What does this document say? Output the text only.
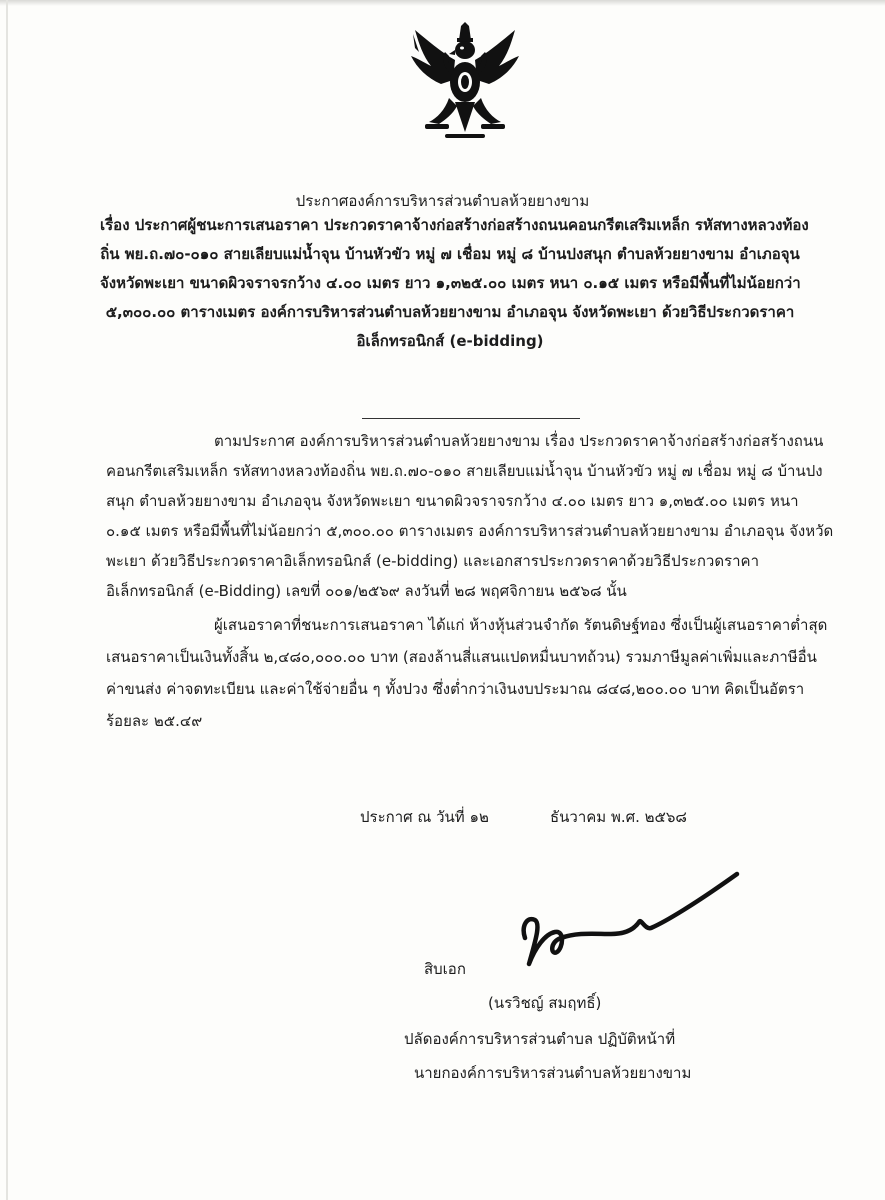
ประกาศองค์การบริหารส่วนตำบลห้วยยางขาม
เรื่อง ประกาศผู้ชนะการเสนอราคา ประกวดราคาจ้างก่อสร้างก่อสร้างถนนคอนกรีตเสริมเหล็ก รหัสทางหลวงท้อง
ถิ่น พย.ถ.๗๐-๐๑๐ สายเลียบแม่น้ำจุน บ้านหัวขัว หมู่ ๗ เชื่อม หมู่ ๘ บ้านปงสนุก ตำบลห้วยยางขาม อำเภอจุน
จังหวัดพะเยา ขนาดผิวจราจรกว้าง ๔.๐๐ เมตร ยาว ๑,๓๒๕.๐๐ เมตร หนา ๐.๑๕ เมตร หรือมีพื้นที่ไม่น้อยกว่า
๕,๓๐๐.๐๐ ตารางเมตร องค์การบริหารส่วนตำบลห้วยยางขาม อำเภอจุน จังหวัดพะเยา ด้วยวิธีประกวดราคา
อิเล็กทรอนิกส์ (e-bidding)
ตามประกาศ องค์การบริหารส่วนตำบลห้วยยางขาม เรื่อง ประกวดราคาจ้างก่อสร้างก่อสร้างถนน
คอนกรีตเสริมเหล็ก รหัสทางหลวงท้องถิ่น พย.ถ.๗๐-๐๑๐ สายเลียบแม่น้ำจุน บ้านหัวขัว หมู่ ๗ เชื่อม หมู่ ๘ บ้านปง
สนุก ตำบลห้วยยางขาม อำเภอจุน จังหวัดพะเยา ขนาดผิวจราจรกว้าง ๔.๐๐ เมตร ยาว ๑,๓๒๕.๐๐ เมตร หนา
๐.๑๕ เมตร หรือมีพื้นที่ไม่น้อยกว่า ๕,๓๐๐.๐๐ ตารางเมตร องค์การบริหารส่วนตำบลห้วยยางขาม อำเภอจุน จังหวัด
พะเยา ด้วยวิธีประกวดราคาอิเล็กทรอนิกส์ (e-bidding) และเอกสารประกวดราคาด้วยวิธีประกวดราคา
อิเล็กทรอนิกส์ (e-Bidding) เลขที่ ๐๐๑/๒๕๖๙ ลงวันที่ ๒๘ พฤศจิกายน ๒๕๖๘ นั้น
ผู้เสนอราคาที่ชนะการเสนอราคา ได้แก่ ห้างหุ้นส่วนจำกัด รัตนดิษฐ์ทอง ซึ่งเป็นผู้เสนอราคาต่ำสุด
เสนอราคาเป็นเงินทั้งสิ้น ๒,๔๘๐,๐๐๐.๐๐ บาท (สองล้านสี่แสนแปดหมื่นบาทถ้วน) รวมภาษีมูลค่าเพิ่มและภาษีอื่น
ค่าขนส่ง ค่าจดทะเบียน และค่าใช้จ่ายอื่น ๆ ทั้งปวง ซึ่งต่ำกว่าเงินงบประมาณ ๘๔๘,๒๐๐.๐๐ บาท คิดเป็นอัตรา
ร้อยละ ๒๕.๔๙
ประกาศ ณ วันที่ ๑๒	ธันวาคม พ.ศ. ๒๕๖๘
สิบเอก
(นรวิชญ์ สมฤทธิ์)
ปลัดองค์การบริหารส่วนตำบล ปฏิบัติหน้าที่
นายกองค์การบริหารส่วนตำบลห้วยยางขาม
